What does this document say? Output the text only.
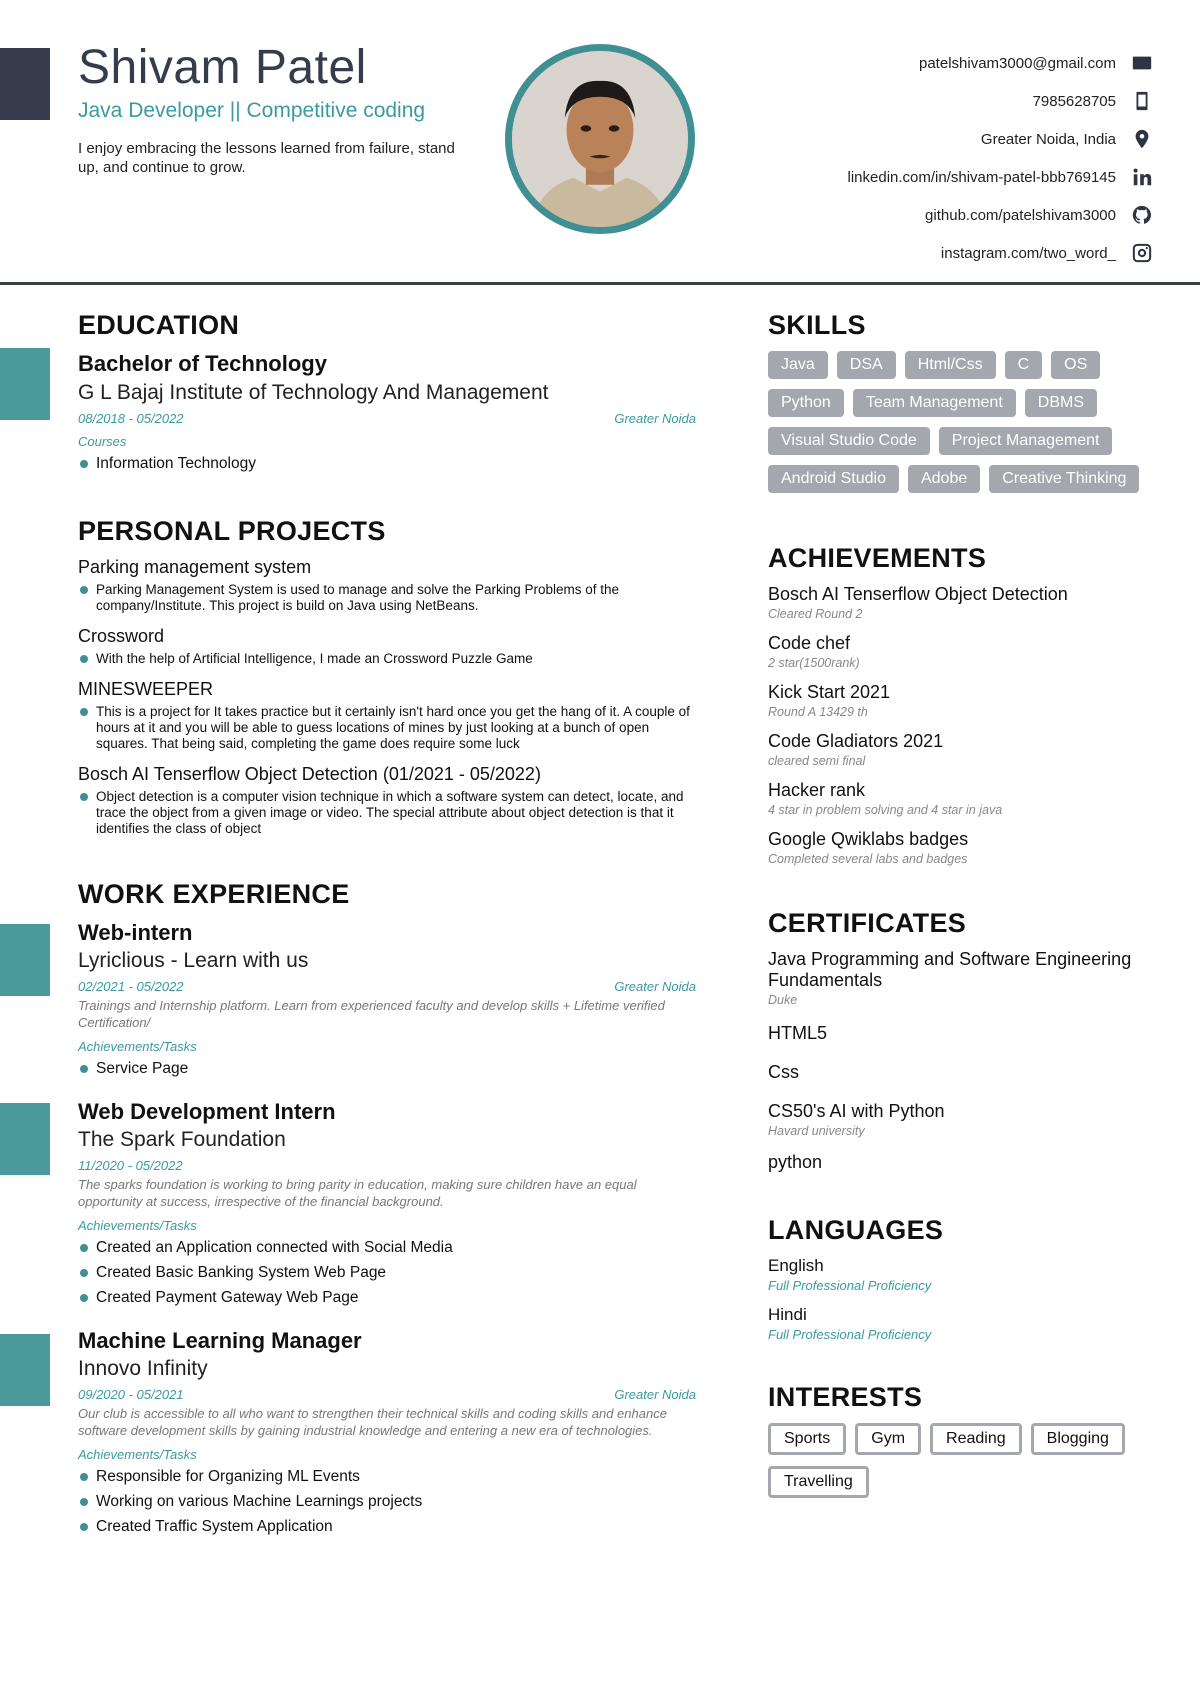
Shivam Patel
Java Developer || Competitive coding
I enjoy embracing the lessons learned from failure, stand up, and continue to grow.
patelshivam3000@gmail.com
7985628705
Greater Noida, India
linkedin.com/in/shivam-patel-bbb769145
github.com/patelshivam3000
instagram.com/two_word_
EDUCATION
Bachelor of Technology
G L Bajaj Institute of Technology And Management
08/2018 - 05/2022	Greater Noida
Courses
Information Technology
PERSONAL PROJECTS
Parking management system
Parking Management System is used to manage and solve the Parking Problems of the company/Institute. This project is build on Java using NetBeans.
Crossword
With the help of Artificial Intelligence, I made an Crossword Puzzle Game
MINESWEEPER
This is a project for It takes practice but it certainly isn't hard once you get the hang of it. A couple of hours at it and you will be able to guess locations of mines by just looking at a bunch of open squares. That being said, completing the game does require some luck
Bosch AI Tenserflow Object Detection (01/2021 - 05/2022)
Object detection is a computer vision technique in which a software system can detect, locate, and trace the object from a given image or video. The special attribute about object detection is that it identifies the class of object
WORK EXPERIENCE
Web-intern
Lyriclious - Learn with us
02/2021 - 05/2022	Greater Noida
Trainings and Internship platform. Learn from experienced faculty and develop skills + Lifetime verified Certification/
Achievements/Tasks
Service Page
Web Development Intern
The Spark Foundation
11/2020 - 05/2022
The sparks foundation is working to bring parity in education, making sure children have an equal opportunity at success, irrespective of the financial background.
Achievements/Tasks
Created an Application connected with Social Media
Created Basic Banking System Web Page
Created Payment Gateway Web Page
Machine Learning Manager
Innovo Infinity
09/2020 - 05/2021	Greater Noida
Our club is accessible to all who want to strengthen their technical skills and coding skills and enhance software development skills by gaining industrial knowledge and entering a new era of technologies.
Achievements/Tasks
Responsible for Organizing ML Events
Working on various Machine Learnings projects
Created Traffic System Application
SKILLS
Java	DSA	Html/Css	C	OS
Python	Team Management	DBMS
Visual Studio Code	Project Management
Android Studio	Adobe	Creative Thinking
ACHIEVEMENTS
Bosch AI Tenserflow Object Detection
Cleared Round 2
Code chef
2 star(1500rank)
Kick Start 2021
Round A 13429 th
Code Gladiators 2021
cleared semi final
Hacker rank
4 star in problem solving and 4 star in java
Google Qwiklabs badges
Completed several labs and badges
CERTIFICATES
Java Programming and Software Engineering Fundamentals
Duke
HTML5
Css
CS50's AI with Python
Havard university
python
LANGUAGES
English
Full Professional Proficiency
Hindi
Full Professional Proficiency
INTERESTS
Sports	Gym	Reading	Blogging
Travelling
